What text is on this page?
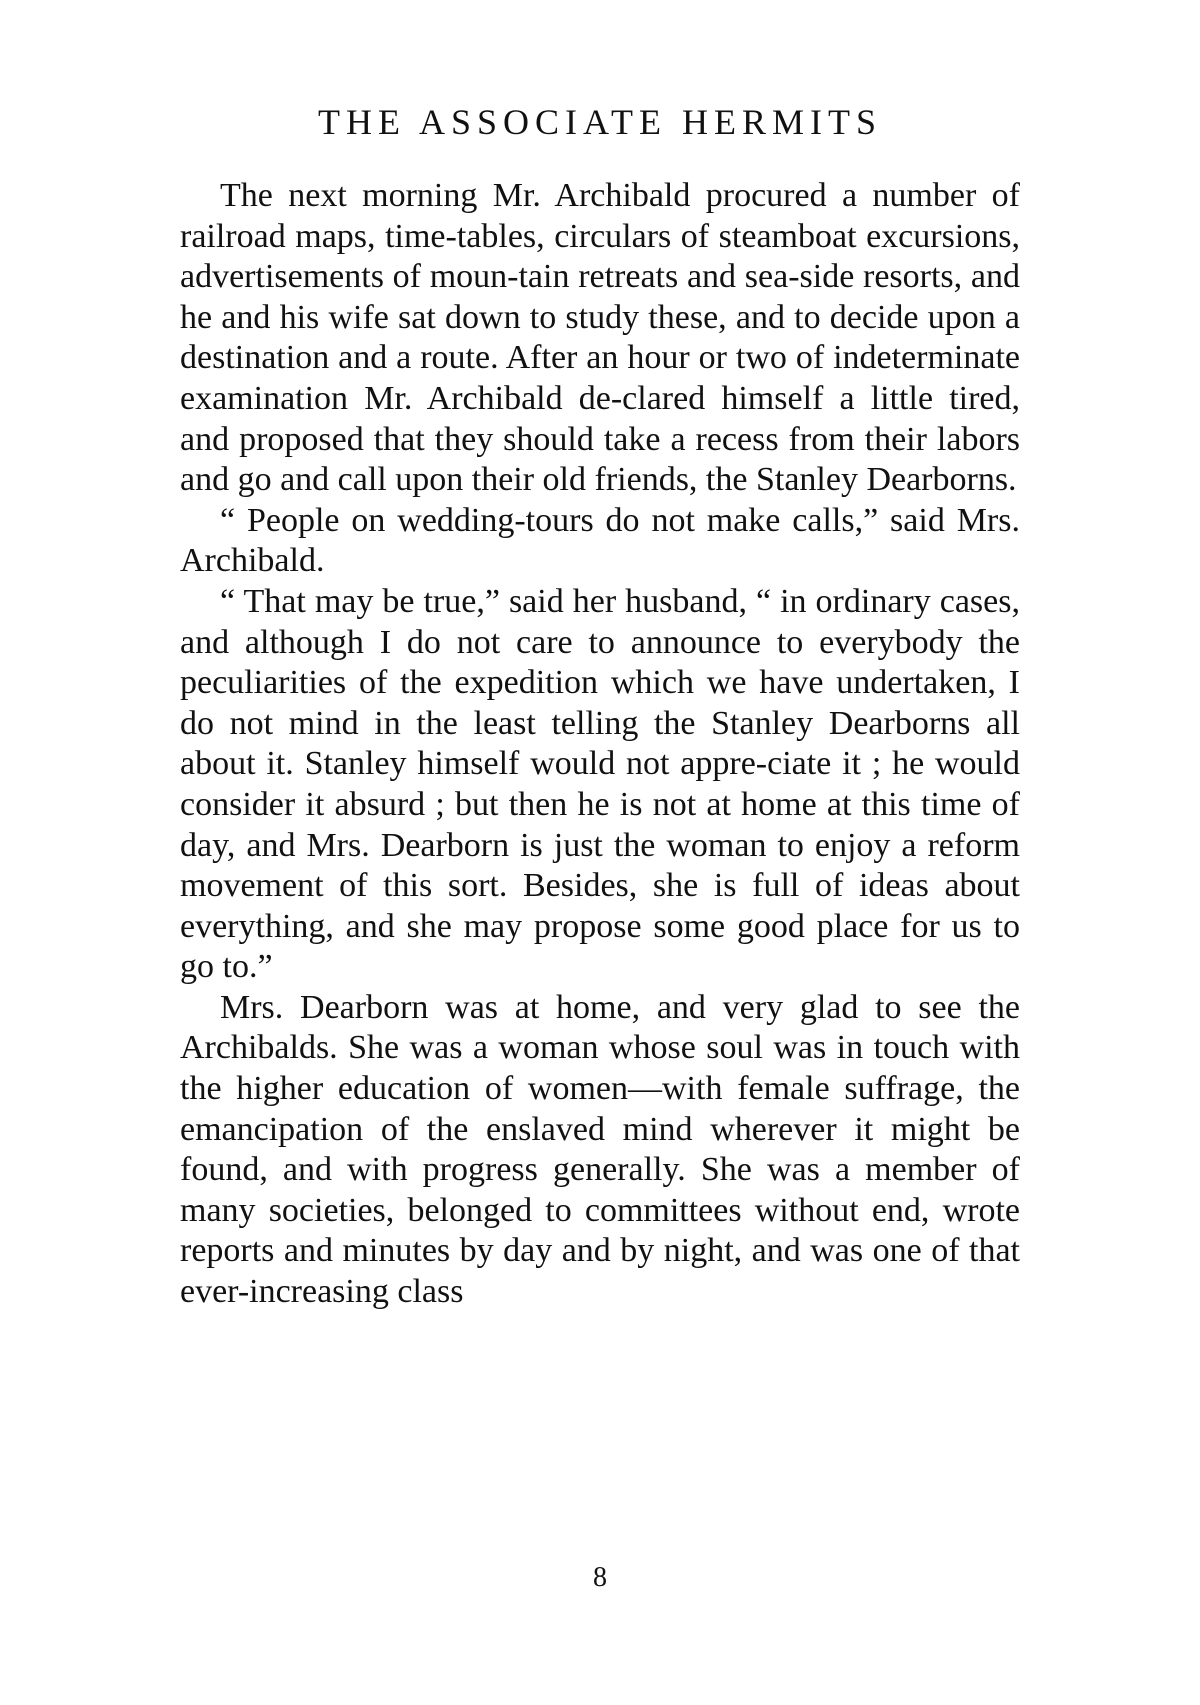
THE ASSOCIATE HERMITS

The next morning Mr. Archibald procured a number of railroad maps, time-tables, circulars of steamboat excursions, advertisements of moun-tain retreats and sea-side resorts, and he and his wife sat down to study these, and to decide upon a destination and a route. After an hour or two of indeterminate examination Mr. Archibald de-clared himself a little tired, and proposed that they should take a recess from their labors and go and call upon their old friends, the Stanley Dearborns.

“ People on wedding-tours do not make calls,” said Mrs. Archibald.

“ That may be true,” said her husband, “ in ordinary cases, and although I do not care to announce to everybody the peculiarities of the expedition which we have undertaken, I do not mind in the least telling the Stanley Dearborns all about it. Stanley himself would not appre-ciate it ; he would consider it absurd ; but then he is not at home at this time of day, and Mrs. Dearborn is just the woman to enjoy a reform movement of this sort. Besides, she is full of ideas about everything, and she may propose some good place for us to go to.”

Mrs. Dearborn was at home, and very glad to see the Archibalds. She was a woman whose soul was in touch with the higher education of women—with female suffrage, the emancipation of the enslaved mind wherever it might be found, and with progress generally. She was a member of many societies, belonged to committees without end, wrote reports and minutes by day and by night, and was one of that ever-increasing class

8
